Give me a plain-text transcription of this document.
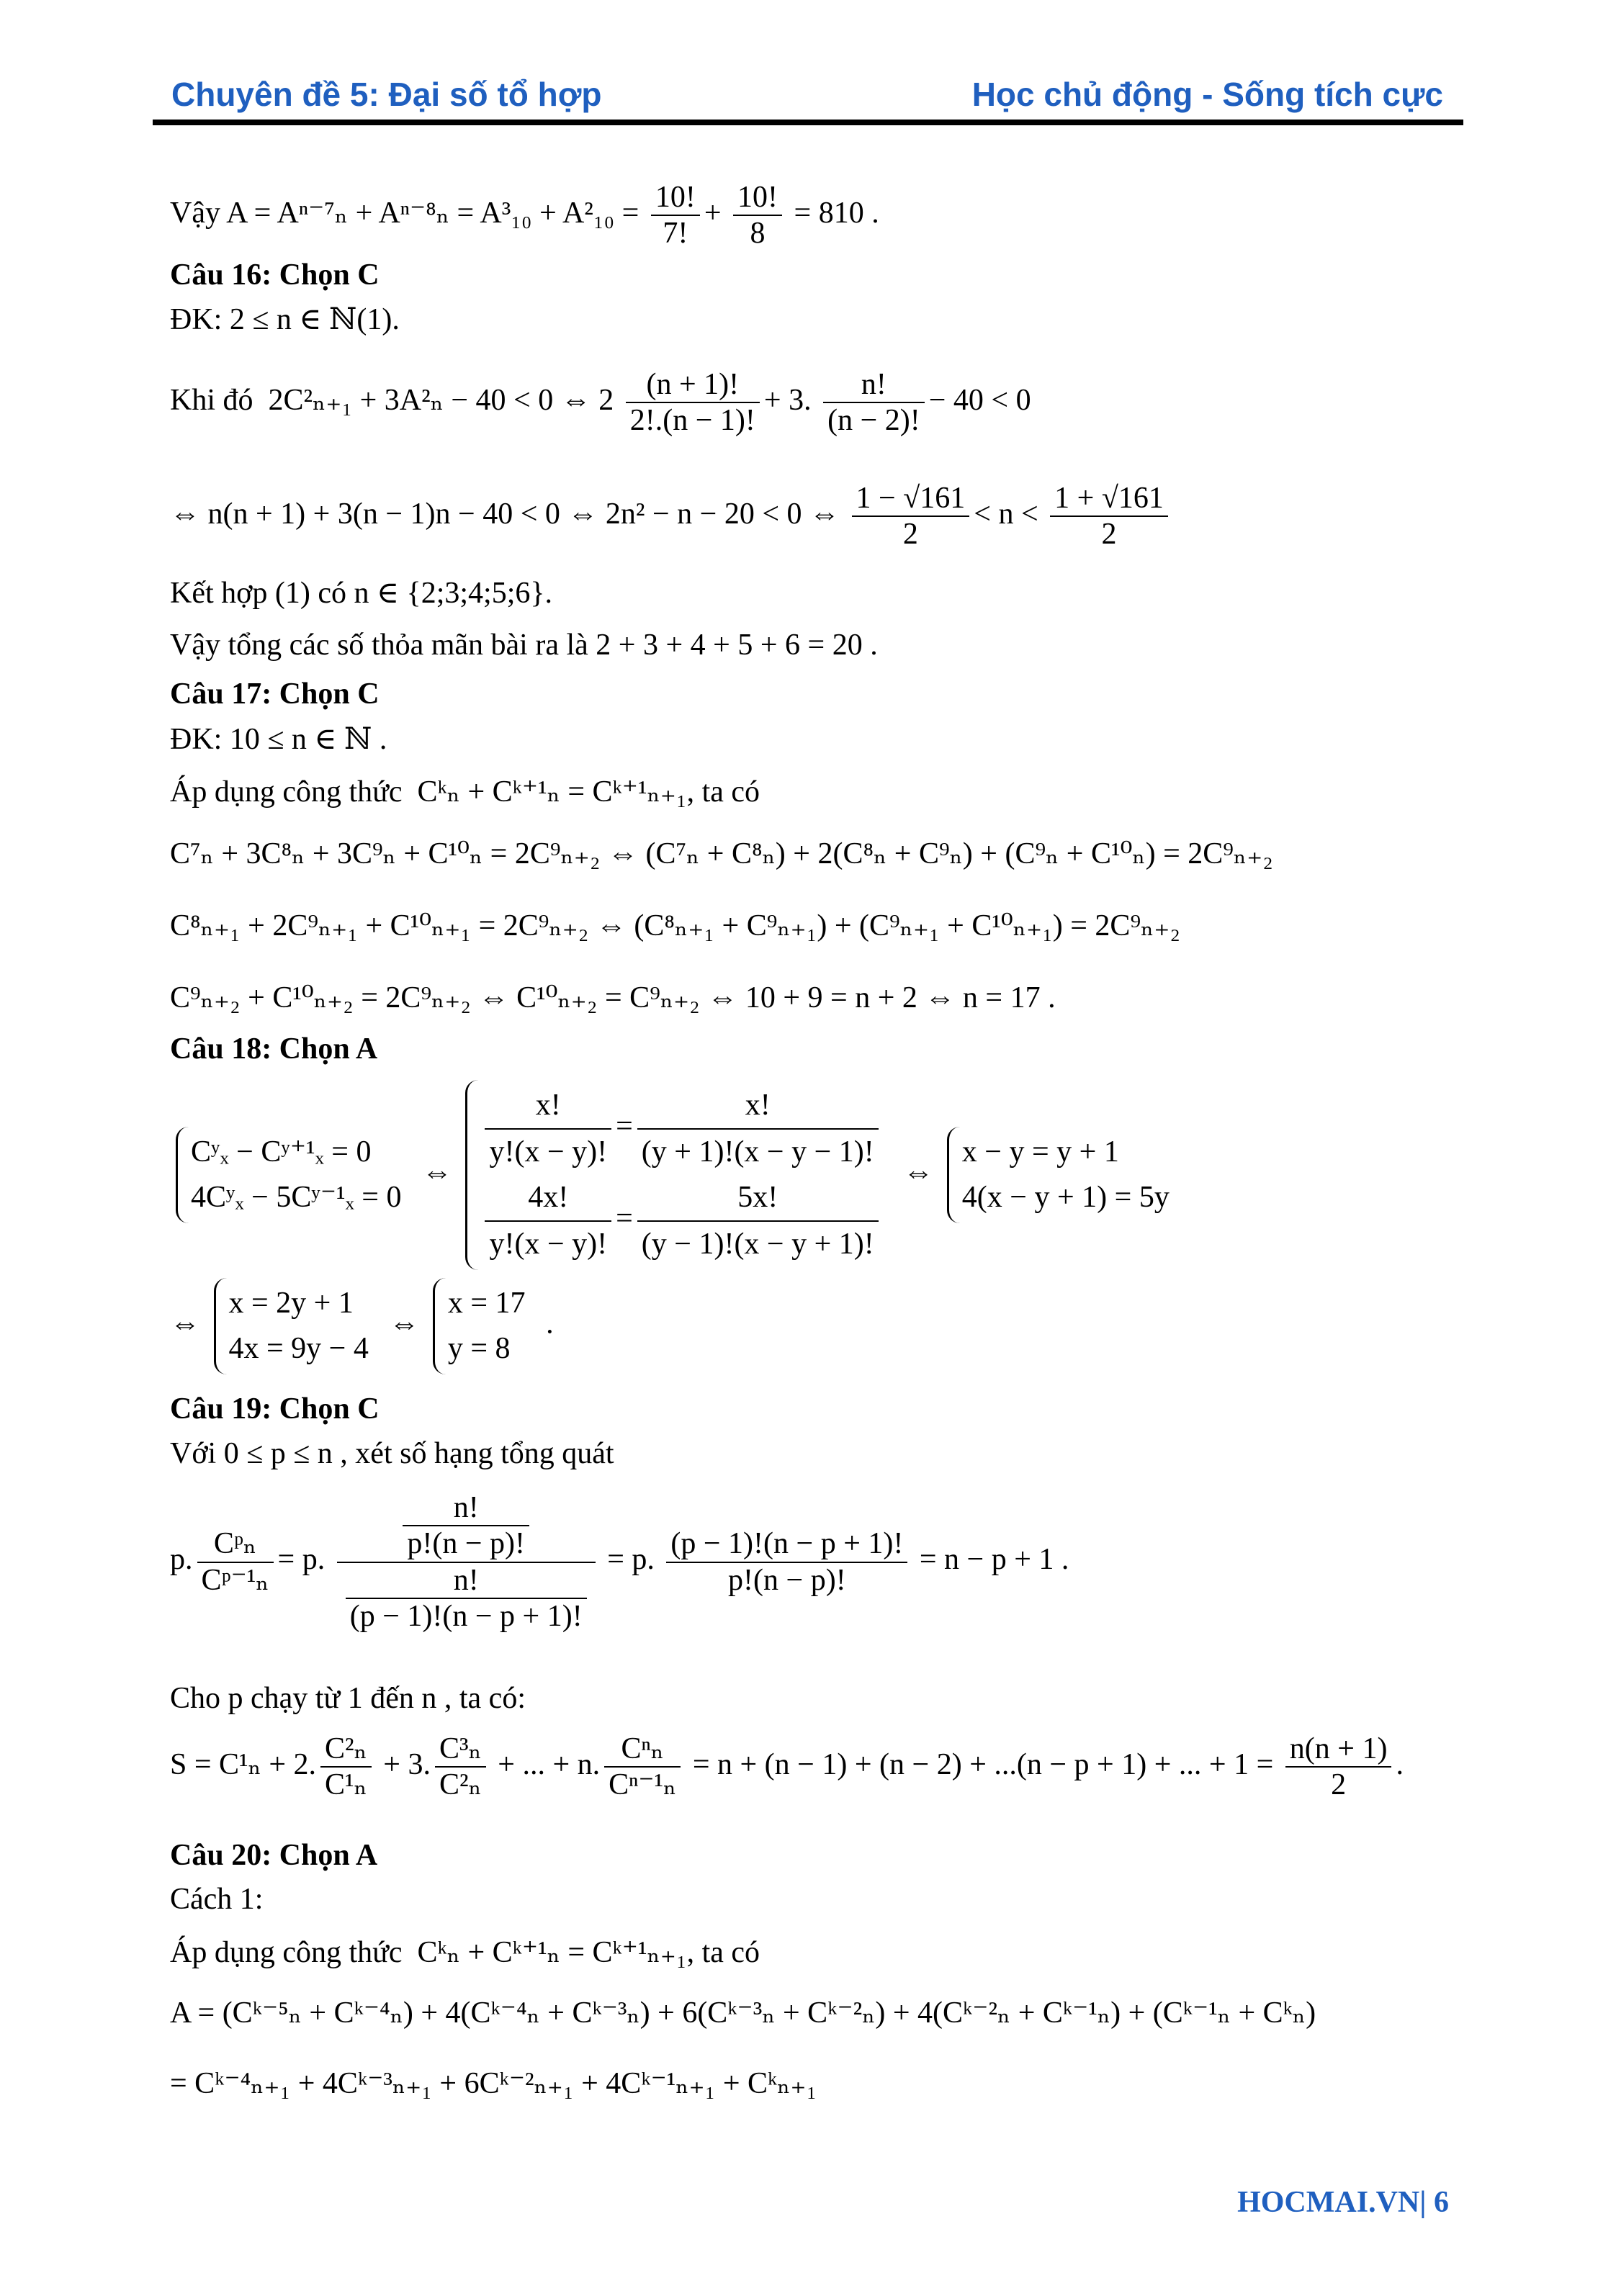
Chuyên đề 5: Đại số tổ hợp	Học chủ động - Sống tích cực
Vậy $A = A^{n-7}_n + A^{n-8}_n = A^3_{10} + A^2_{10} = \frac{10!}{7!} + \frac{10!}{8} = 810$ .
Câu 16: Chọn C
ĐK: 2 ≤ n ∈ ℕ(1).
Khi đó 2C²ₙ₊₁ + 3A²ₙ − 40 < 0 ⇔ $2 \frac{(n + 1)!}{2!.(n - 1)!} + 3$. $\frac{n!}{(n - 2)!} - 40 < 0$
⇔ n(n + 1) + 3(n − 1)n − 40 < 0 ⇔ 2n² − n − 20 < 0 ⇔ $\frac{1 - √161}{2} < n < \frac{1 + √161}{2}$
Kết hợp (1) có n ∈ {2;3;4;5;6}.
Vậy tổng các số thỏa mãn bài ra là 2 + 3 + 4 + 5 + 6 = 20 .
Câu 17: Chọn C
ĐK: 10 ≤ n ∈ ℕ .
Áp dụng công thức Cᵏₙ + Cᵏ⁺¹ₙ = Cᵏ⁺¹ₙ₊₁, ta có
C⁷ₙ + 3C⁸ₙ + 3C⁹ₙ + C¹⁰ₙ = 2C⁹ₙ₊₂ ⇔ (C⁷ₙ + C⁸ₙ) + 2(C⁸ₙ + C⁹ₙ) + (C⁹ₙ + C¹⁰ₙ) = 2C⁹ₙ₊₂
C⁸ₙ₊₁ + 2C⁹ₙ₊₁ + C¹⁰ₙ₊₁ = 2C⁹ₙ₊₂ ⇔ (C⁸ₙ₊₁ + C⁹ₙ₊₁) + (C⁹ₙ₊₁ + C¹⁰ₙ₊₁) = 2C⁹ₙ₊₂
C⁹ₙ₊₂ + C¹⁰ₙ₊₂ = 2C⁹ₙ₊₂ ⇔ C¹⁰ₙ₊₂ = C⁹ₙ₊₂ ⇔ 10 + 9 = n + 2 ⇔ n = 17 .
Câu 18: Chọn A
Cʸₓ − Cʸ⁺¹ₓ = 0
4Cʸₓ − 5Cʸ⁻¹ₓ = 0
⇔ $\frac{x!}{y!(x - y)!} = \frac{x!}{(y + 1)!(x - y - 1)!}$
$\frac{4x!}{y!(x - y)!} = \frac{5x!}{(y - 1)!(x - y + 1)!}$
⇔
x − y = y + 1
4(x − y + 1) = 5y
⇔
x = 2y + 1
4x = 9y − 4
⇔
x = 17
y = 8
.
Câu 19: Chọn C
Với 0 ≤ p ≤ n , xét số hạng tổng quát
p. $\frac{\text{Cᵖₙ}}{\text{Cᵖ⁻¹ₙ}} = p$. $\frac{\frac{n!}{p!(n - p)!}}{\frac{n!}{(p - 1)!(n - p + 1)!}} = p$. $\frac{(p - 1)!(n - p + 1)!}{p!(n - p)!} = n - p + 1$ .
Cho p chạy từ 1 đến n , ta có:
S = C¹ₙ + 2. $\frac{\text{C²ₙ}}{\text{C¹ₙ}} + 3$. $\frac{\text{C³ₙ}}{\text{C²ₙ}}$ + ... + n. $\frac{\text{Cⁿₙ}}{\text{Cⁿ⁻¹ₙ}} = n + (n - 1) + (n - 2) + ...(n - p + 1)$ + ... + $1 = \frac{n(n + 1)}{2}$ .
Câu 20: Chọn A
Cách 1:
Áp dụng công thức Cᵏₙ + Cᵏ⁺¹ₙ = Cᵏ⁺¹ₙ₊₁, ta có
A = (Cᵏ⁻⁵ₙ + Cᵏ⁻⁴ₙ) + 4(Cᵏ⁻⁴ₙ + Cᵏ⁻³ₙ) + 6(Cᵏ⁻³ₙ + Cᵏ⁻²ₙ) + 4(Cᵏ⁻²ₙ + Cᵏ⁻¹ₙ) + (Cᵏ⁻¹ₙ + Cᵏₙ)
= Cᵏ⁻⁴ₙ₊₁ + 4Cᵏ⁻³ₙ₊₁ + 6Cᵏ⁻²ₙ₊₁ + 4Cᵏ⁻¹ₙ₊₁ + Cᵏₙ₊₁
HOCMAI.VN| 6
